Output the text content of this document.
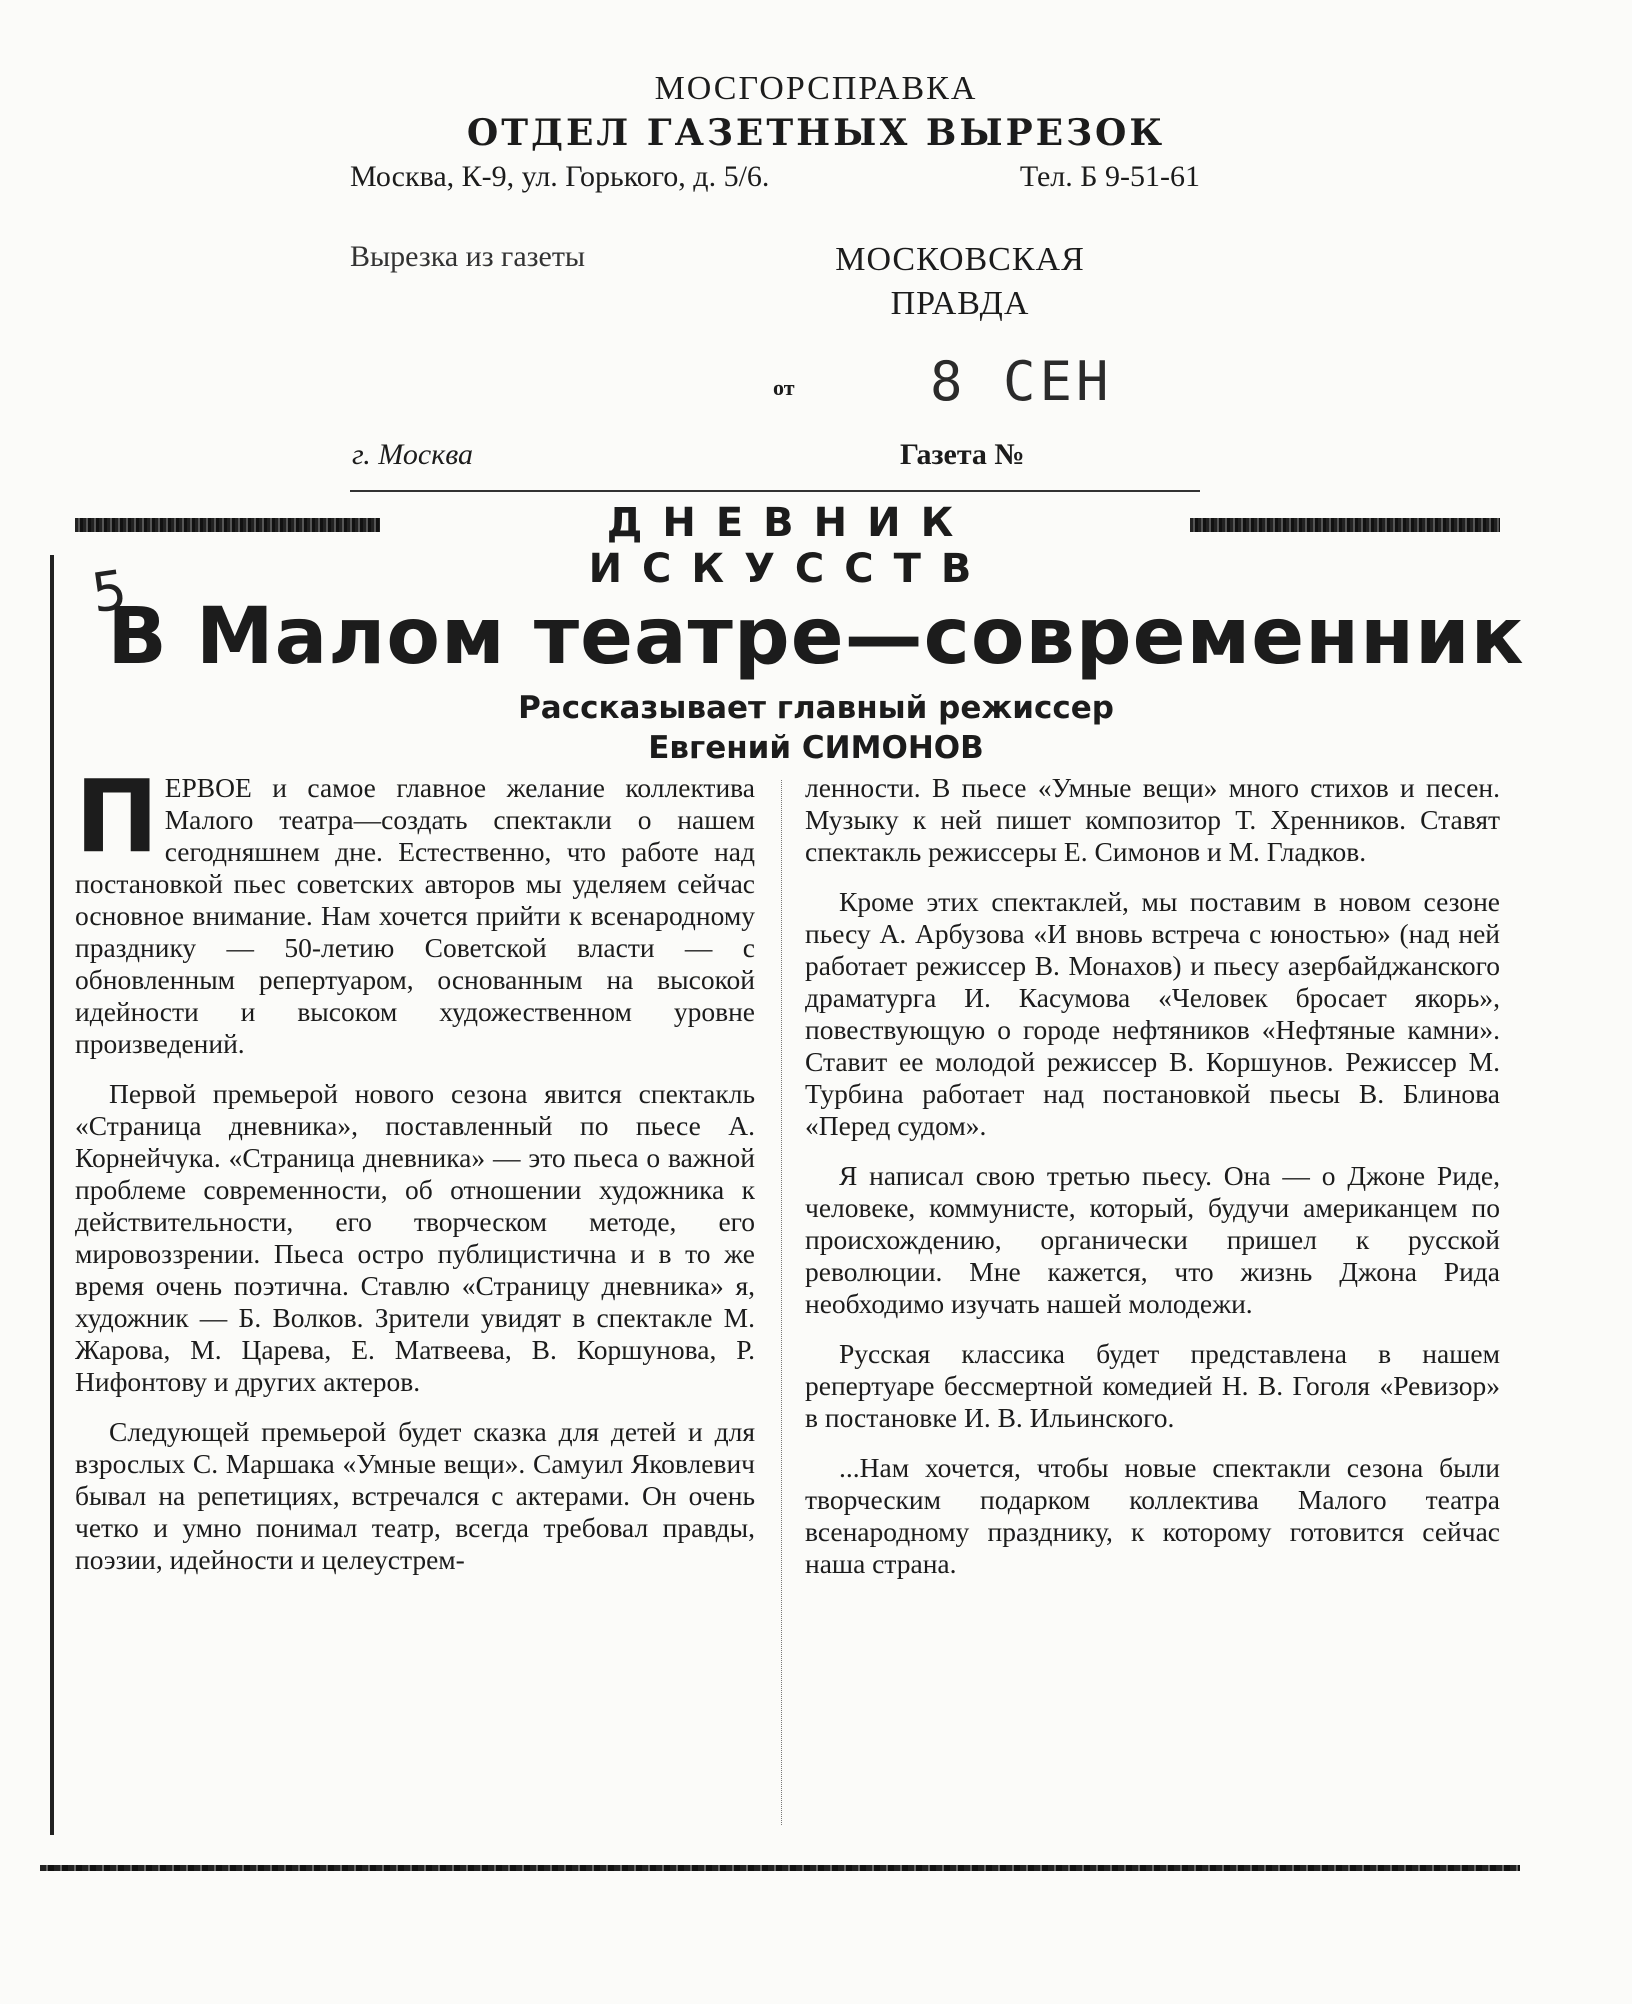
МОСГОРСПРАВКА
ОТДЕЛ ГАЗЕТНЫХ ВЫРЕЗОК
Москва, К-9, ул. Горького, д. 5/6.	Тел. Б 9-51-61
Вырезка из газеты	МОСКОВСКАЯ ПРАВДА
от	8 СЕН
г. Москва	Газета №
ДНЕВНИК ИСКУССТВ
5
В Малом театре—современник
Рассказывает главный режиссер
Евгений СИМОНОВ

ПЕРВОЕ и самое главное желание коллектива Малого театра—создать спектакли о нашем сегодняшнем дне. Естественно, что работе над постановкой пьес советских авторов мы уделяем сейчас основное внимание. Нам хочется прийти к всенародному празднику — 50-летию Советской власти — с обновленным репертуаром, основанным на высокой идейности и высоком художественном уровне произведений.

Первой премьерой нового сезона явится спектакль «Страница дневника», поставленный по пьесе А. Корнейчука. «Страница дневника» — это пьеса о важной проблеме современности, об отношении художника к действительности, его творческом методе, его мировоззрении. Пьеса остро публицистична и в то же время очень поэтична. Ставлю «Страницу дневника» я, художник — Б. Волков. Зрители увидят в спектакле М. Жарова, М. Царева, Е. Матвеева, В. Коршунова, Р. Нифонтову и других актеров.

Следующей премьерой будет сказка для детей и для взрослых С. Маршака «Умные вещи». Самуил Яковлевич бывал на репетициях, встречался с актерами. Он очень четко и умно понимал театр, всегда требовал правды, поэзии, идейности и целеустрем-

ленности. В пьесе «Умные вещи» много стихов и песен. Музыку к ней пишет композитор Т. Хренников. Ставят спектакль режиссеры Е. Симонов и М. Гладков.

Кроме этих спектаклей, мы поставим в новом сезоне пьесу А. Арбузова «И вновь встреча с юностью» (над ней работает режиссер В. Монахов) и пьесу азербайджанского драматурга И. Касумова «Человек бросает якорь», повествующую о городе нефтяников «Нефтяные камни». Ставит ее молодой режиссер В. Коршунов. Режиссер М. Турбина работает над постановкой пьесы В. Блинова «Перед судом».

Я написал свою третью пьесу. Она — о Джоне Риде, человеке, коммунисте, который, будучи американцем по происхождению, органически пришел к русской революции. Мне кажется, что жизнь Джона Рида необходимо изучать нашей молодежи.

Русская классика будет представлена в нашем репертуаре бессмертной комедией Н. В. Гоголя «Ревизор» в постановке И. В. Ильинского.

...Нам хочется, чтобы новые спектакли сезона были творческим подарком коллектива Малого театра всенародному празднику, к которому готовится сейчас наша страна.
